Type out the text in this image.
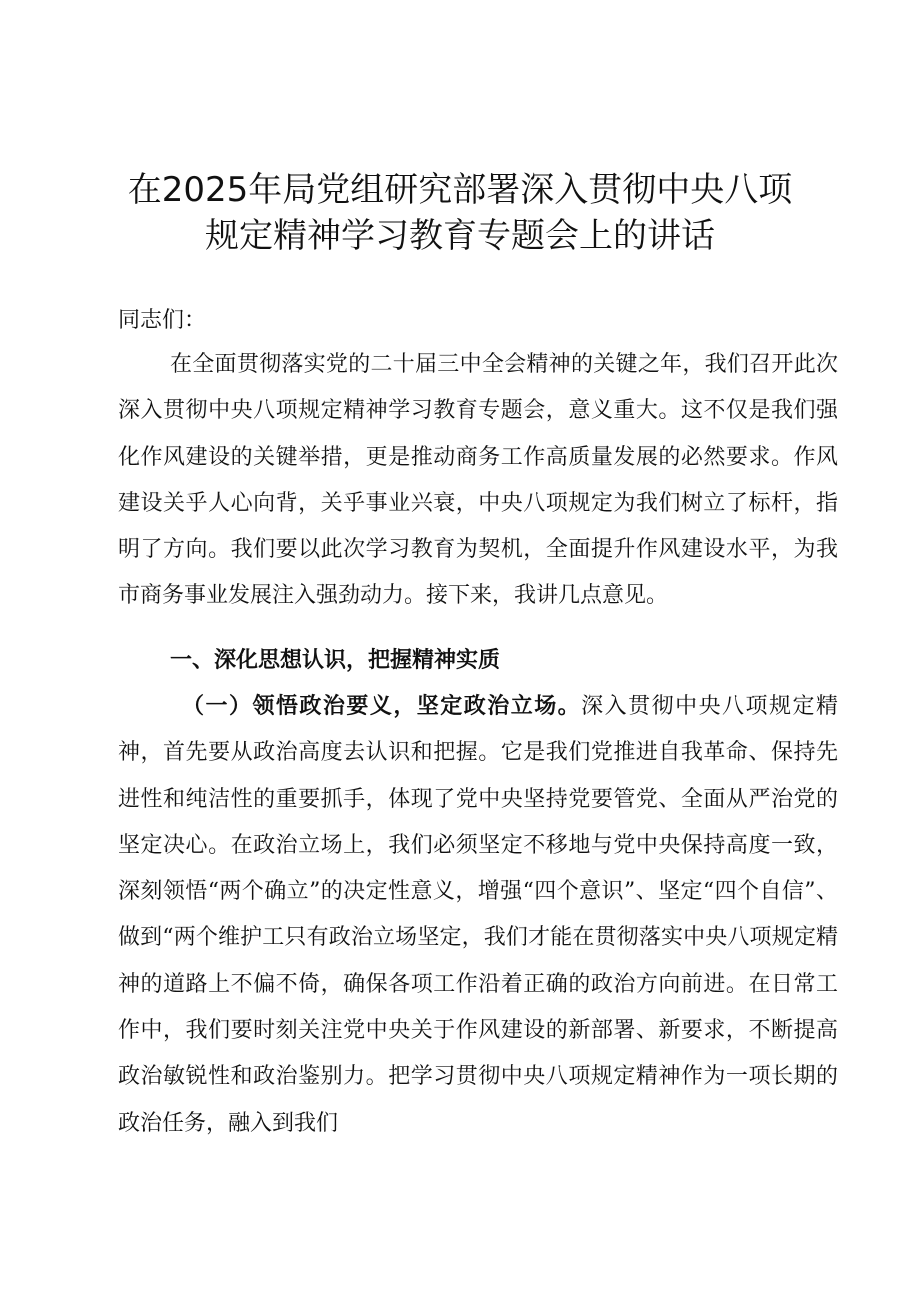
在2025年局党组研究部署深入贯彻中央八项
规定精神学习教育专题会上的讲话
同志们：
在全面贯彻落实党的二十届三中全会精神的关键之年，我们召开此次深入贯彻中央八项规定精神学习教育专题会，意义重大。这不仅是我们强化作风建设的关键举措，更是推动商务工作高质量发展的必然要求。作风建设关乎人心向背，关乎事业兴衰，中央八项规定为我们树立了标杆，指明了方向。我们要以此次学习教育为契机，全面提升作风建设水平，为我市商务事业发展注入强劲动力。接下来，我讲几点意见。
一、深化思想认识，把握精神实质
（一）领悟政治要义，坚定政治立场。深入贯彻中央八项规定精神，首先要从政治高度去认识和把握。它是我们党推进自我革命、保持先进性和纯洁性的重要抓手，体现了党中央坚持党要管党、全面从严治党的坚定决心。在政治立场上，我们必须坚定不移地与党中央保持高度一致，深刻领悟“两个确立”的决定性意义，增强“四个意识”、坚定“四个自信”、做到“两个维护工只有政治立场坚定，我们才能在贯彻落实中央八项规定精神的道路上不偏不倚，确保各项工作沿着正确的政治方向前进。在日常工作中，我们要时刻关注党中央关于作风建设的新部署、新要求，不断提高政治敏锐性和政治鉴别力。把学习贯彻中央八项规定精神作为一项长期的政治任务，融入到我们
